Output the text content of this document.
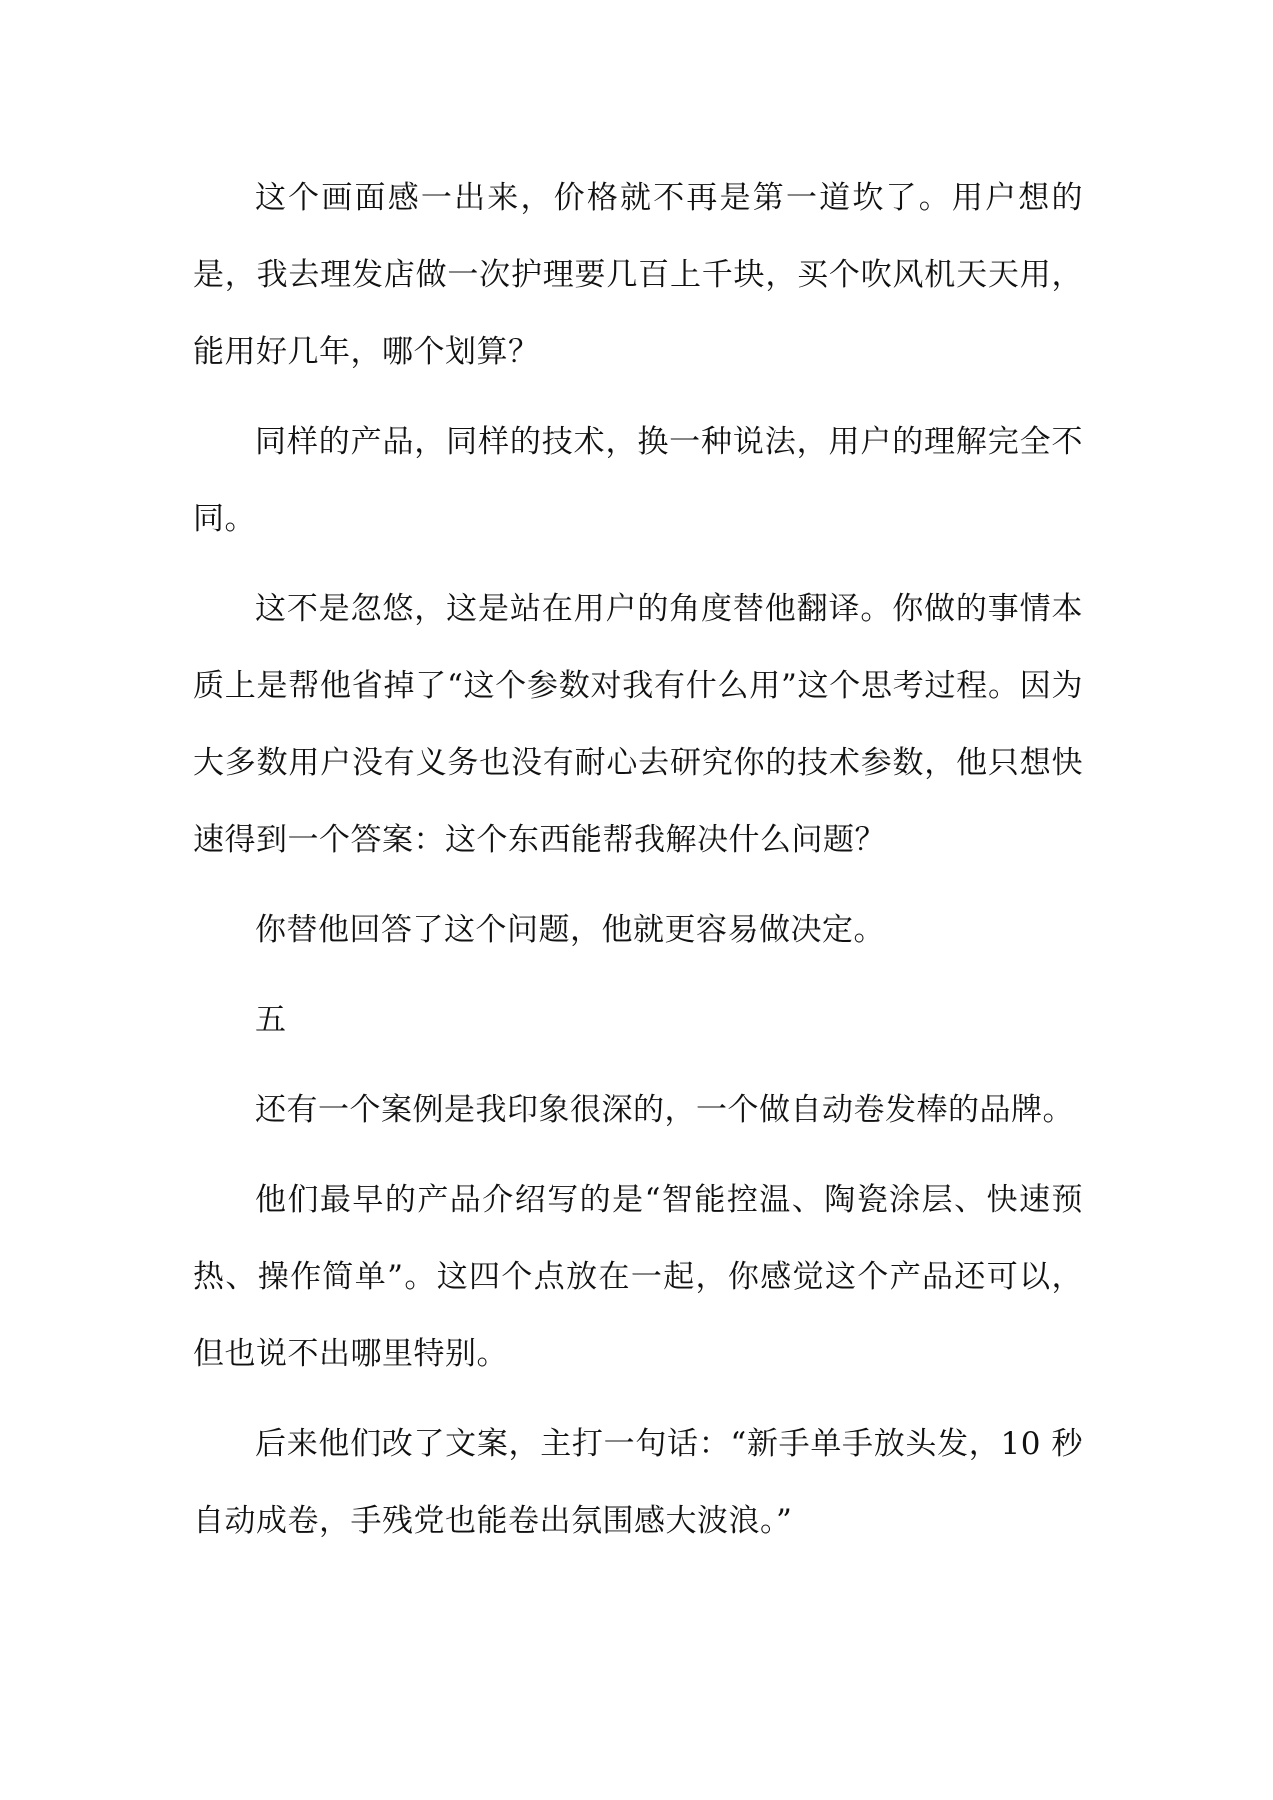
这个画面感一出来，价格就不再是第一道坎了。用户想的是，我去理发店做一次护理要几百上千块，买个吹风机天天用，能用好几年，哪个划算？

同样的产品，同样的技术，换一种说法，用户的理解完全不同。

这不是忽悠，这是站在用户的角度替他翻译。你做的事情本质上是帮他省掉了“这个参数对我有什么用”这个思考过程。因为大多数用户没有义务也没有耐心去研究你的技术参数，他只想快速得到一个答案：这个东西能帮我解决什么问题？

你替他回答了这个问题，他就更容易做决定。

五

还有一个案例是我印象很深的，一个做自动卷发棒的品牌。

他们最早的产品介绍写的是“智能控温、陶瓷涂层、快速预热、操作简单”。这四个点放在一起，你感觉这个产品还可以，但也说不出哪里特别。

后来他们改了文案，主打一句话：“新手单手放头发，10 秒自动成卷，手残党也能卷出氛围感大波浪。”
